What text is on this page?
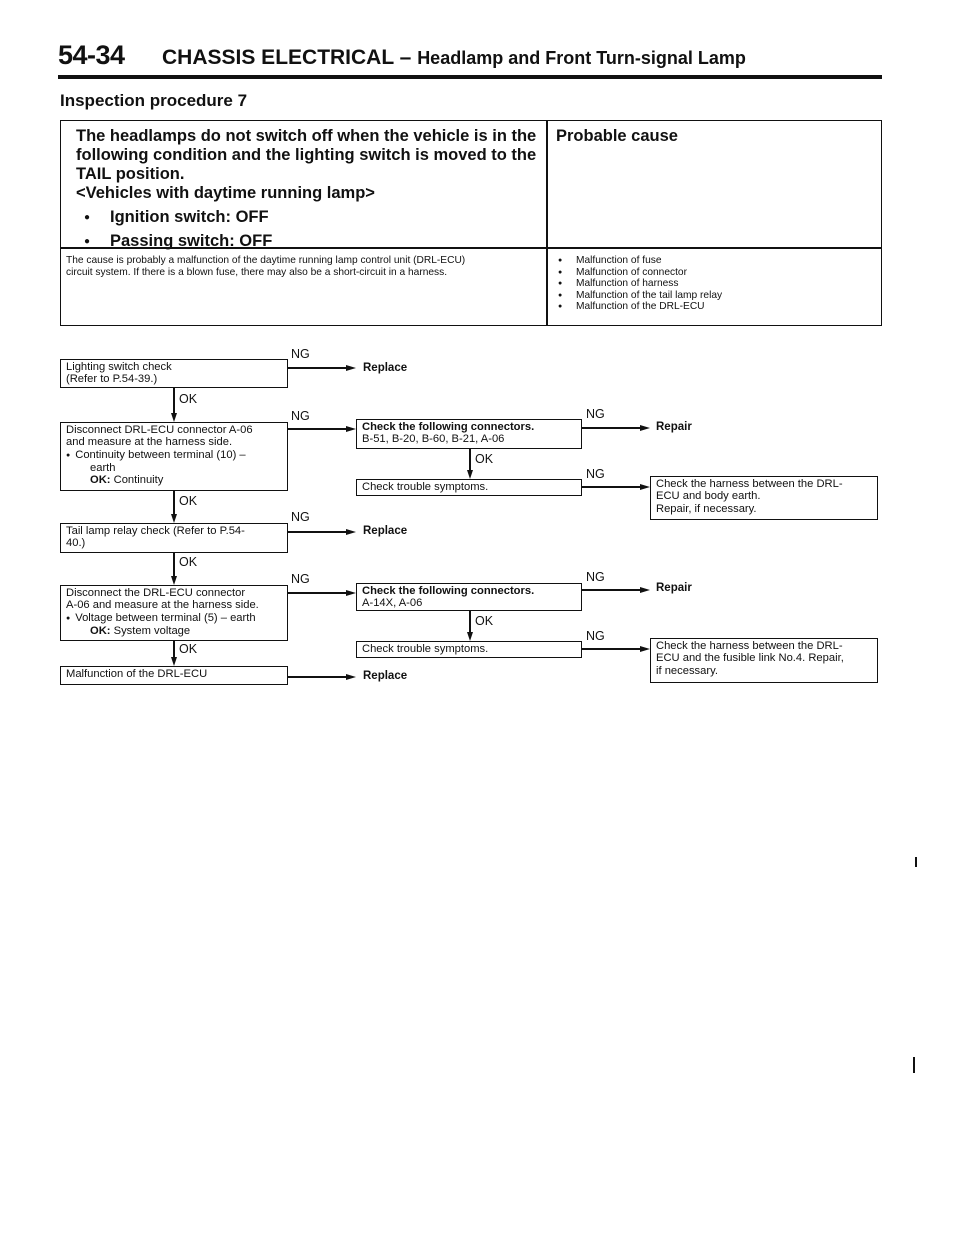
54-34 CHASSIS ELECTRICAL – Headlamp and Front Turn-signal Lamp
Inspection procedure 7
The headlamps do not switch off when the vehicle is in the
following condition and the lighting switch is moved to the
TAIL position.
<Vehicles with daytime running lamp>
● Ignition switch: OFF
● Passing switch: OFF
Probable cause
The cause is probably a malfunction of the daytime running lamp control unit (DRL-ECU)
circuit system. If there is a blown fuse, there may also be a short-circuit in a harness.
● Malfunction of fuse
● Malfunction of connector
● Malfunction of harness
● Malfunction of the tail lamp relay
● Malfunction of the DRL-ECU
Lighting switch check
(Refer to P.54-39.)
NG
Replace
OK
Disconnect DRL-ECU connector A-06
and measure at the harness side.
● Continuity between terminal (10) –
earth
OK: Continuity
NG
Check the following connectors.
B-51, B-20, B-60, B-21, A-06
NG
Repair
OK
Check trouble symptoms.
NG
Check the harness between the DRL-
ECU and body earth.
Repair, if necessary.
OK
Tail lamp relay check (Refer to P.54-
40.)
NG
Replace
OK
Disconnect the DRL-ECU connector
A-06 and measure at the harness side.
● Voltage between terminal (5) – earth
OK: System voltage
NG
Check the following connectors.
A-14X, A-06
NG
Repair
OK
Check trouble symptoms.
NG
Check the harness between the DRL-
ECU and the fusible link No.4. Repair,
if necessary.
OK
Malfunction of the DRL-ECU	Replace
